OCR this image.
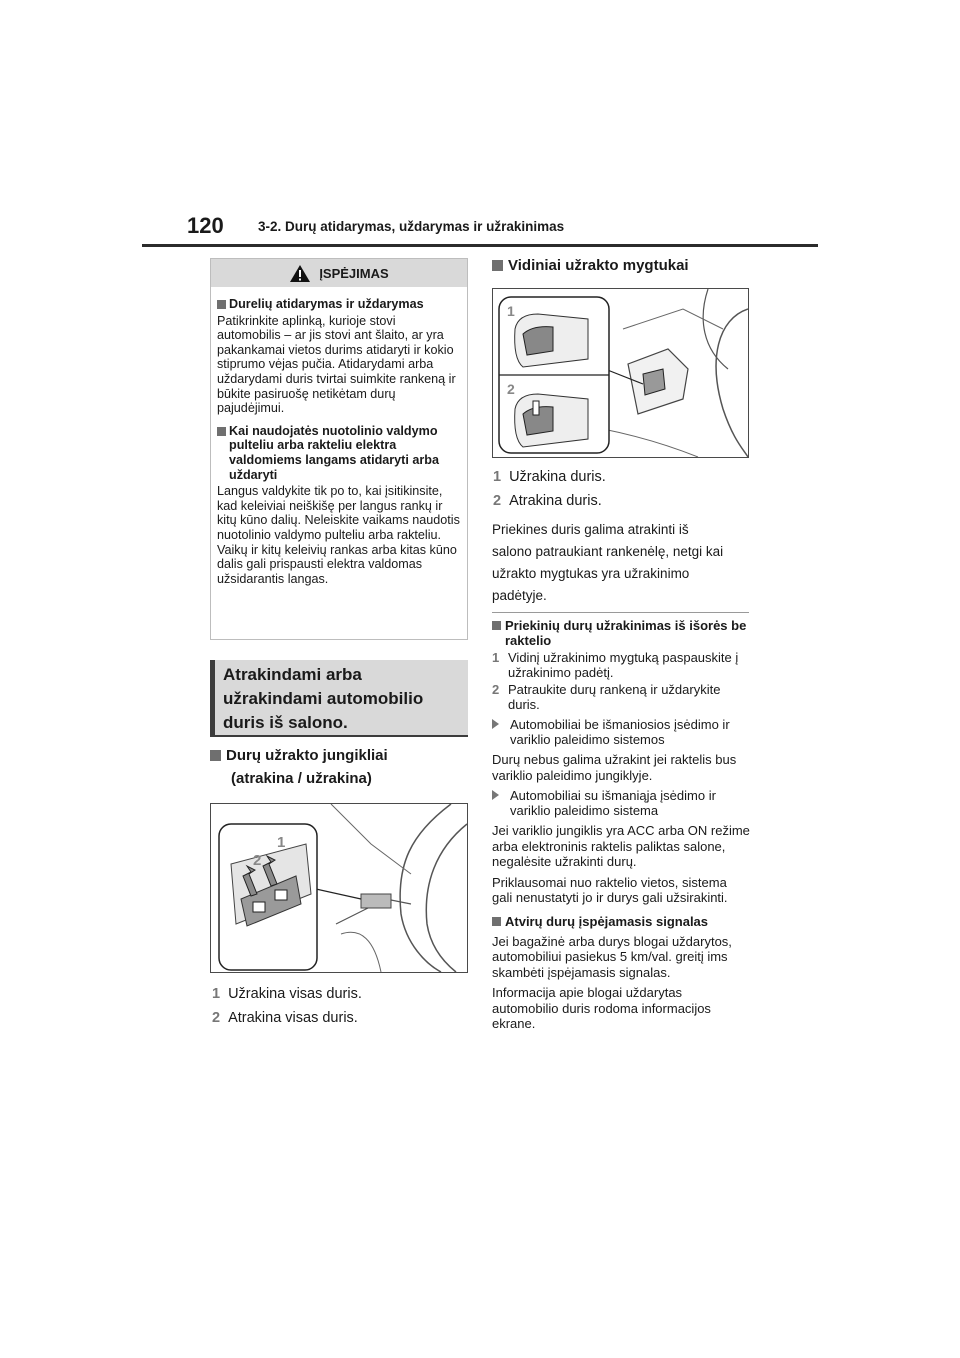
120	3-2. Durų atidarymas, uždarymas ir užrakinimas
ĮSPĖJIMAS
Durelių atidarymas ir uždarymas
Patikrinkite aplinką, kurioje stovi automobilis – ar jis stovi ant šlaito, ar yra pakankamai vietos durims atidaryti ir kokio stiprumo vėjas pučia. Atidarydami arba uždarydami duris tvirtai suimkite rankeną ir būkite pasiruošę netikėtam durų pajudėjimui.
Kai naudojatės nuotolinio valdymo pulteliu arba rakteliu elektra valdomiems langams atidaryti arba uždaryti
Langus valdykite tik po to, kai įsitikinsite, kad keleiviai neiškišę per langus rankų ir kitų kūno dalių. Neleiskite vaikams naudotis nuotolinio valdymo pulteliu arba rakteliu. Vaikų ir kitų keleivių rankas arba kitas kūno dalis gali prispausti elektra valdomas užsidarantis langas.
Atrakindami arba užrakindami automobilio duris iš salono.
Durų užrakto jungikliai
(atrakina / užrakina)
1
2
1 Užrakina visas duris.
2 Atrakina visas duris.
Vidiniai užrakto mygtukai
1
2
1 Užrakina duris.
2 Atrakina duris.
Priekines duris galima atrakinti iš
salono patraukiant rankenėlę, netgi kai
užrakto mygtukas yra užrakinimo
padėtyje.
Priekinių durų užrakinimas iš išorės be raktelio
1 Vidinį užrakinimo mygtuką paspauskite į užrakinimo padėtį.
2 Patraukite durų rankeną ir uždarykite duris.
Automobiliai be išmaniosios įsėdimo ir variklio paleidimo sistemos
Durų nebus galima užrakint jei raktelis bus variklio paleidimo jungiklyje.
Automobiliai su išmaniąja įsėdimo ir variklio paleidimo sistema
Jei variklio jungiklis yra ACC arba ON režime arba elektroninis raktelis paliktas salone, negalėsite užrakinti durų.
Priklausomai nuo raktelio vietos, sistema gali nenustatyti jo ir durys gali užsirakinti.
Atvirų durų įspėjamasis signalas
Jei bagažinė arba durys blogai uždarytos, automobiliui pasiekus 5 km/val. greitį ims skambėti įspėjamasis signalas.
Informacija apie blogai uždarytas automobilio duris rodoma informacijos ekrane.
